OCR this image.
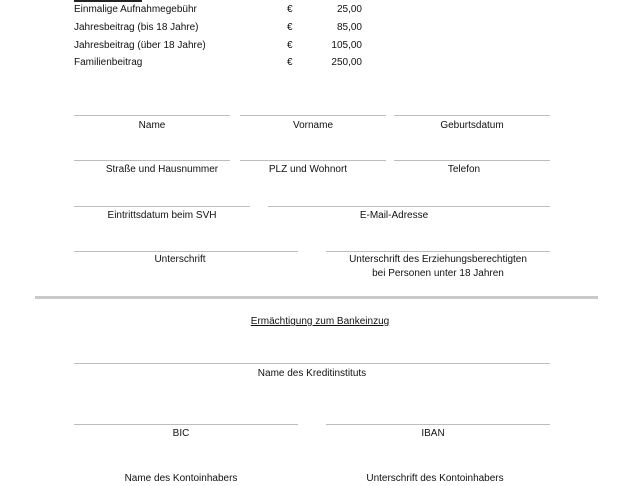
Einmalige Aufnahmegebühr	€	25,00
Jahresbeitrag (bis 18 Jahre)	€	85,00
Jahresbeitrag (über 18 Jahre)	€	105,00
Familienbeitrag	€	250,00
Name	Vorname	Geburtsdatum
Straße und Hausnummer	PLZ und Wohnort	Telefon
Eintrittsdatum beim SVH	E-Mail-Adresse
Unterschrift	Unterschrift des Erziehungsberechtigten
bei Personen unter 18 Jahren
Ermächtigung zum Bankeinzug
Name des Kreditinstituts
BIC	IBAN
Name des Kontoinhabers	Unterschrift des Kontoinhabers
